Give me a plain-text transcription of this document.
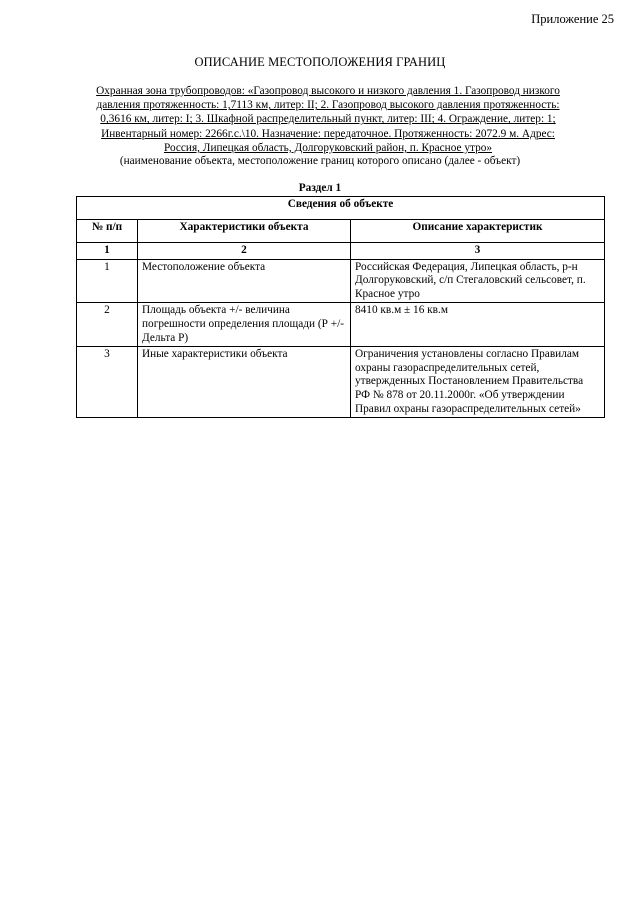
Приложение 25
ОПИСАНИЕ МЕСТОПОЛОЖЕНИЯ ГРАНИЦ
Охранная зона трубопроводов: «Газопровод высокого и низкого давления 1. Газопровод низкого давления протяженность: 1,7113 км, литер: II; 2. Газопровод высокого давления протяженность: 0,3616 км, литер: I; 3. Шкафной распределительный пункт, литер: III; 4. Ограждение, литер: 1; Инвентарный номер: 2266г.с.\10. Назначение: передаточное. Протяженность: 2072.9 м. Адрес: Россия, Липецкая область, Долгоруковский район, п. Красное утро»
(наименование объекта, местоположение границ которого описано (далее - объект)
Раздел 1
Сведения об объекте		
№ п/п	Характеристики объекта	Описание характеристик
1	2	3
1	Местоположение объекта	Российская Федерация, Липецкая область, р-н Долгоруковский, с/п Стегаловский сельсовет, п. Красное утро
2	Площадь объекта +/- величина погрешности определения площади (Р +/- Дельта Р)	8410 кв.м ± 16 кв.м
3	Иные характеристики объекта	Ограничения установлены согласно Правилам охраны газораспределительных сетей, утвержденных Постановлением Правительства РФ № 878 от 20.11.2000г. «Об утверждении Правил охраны газораспределительных сетей»
